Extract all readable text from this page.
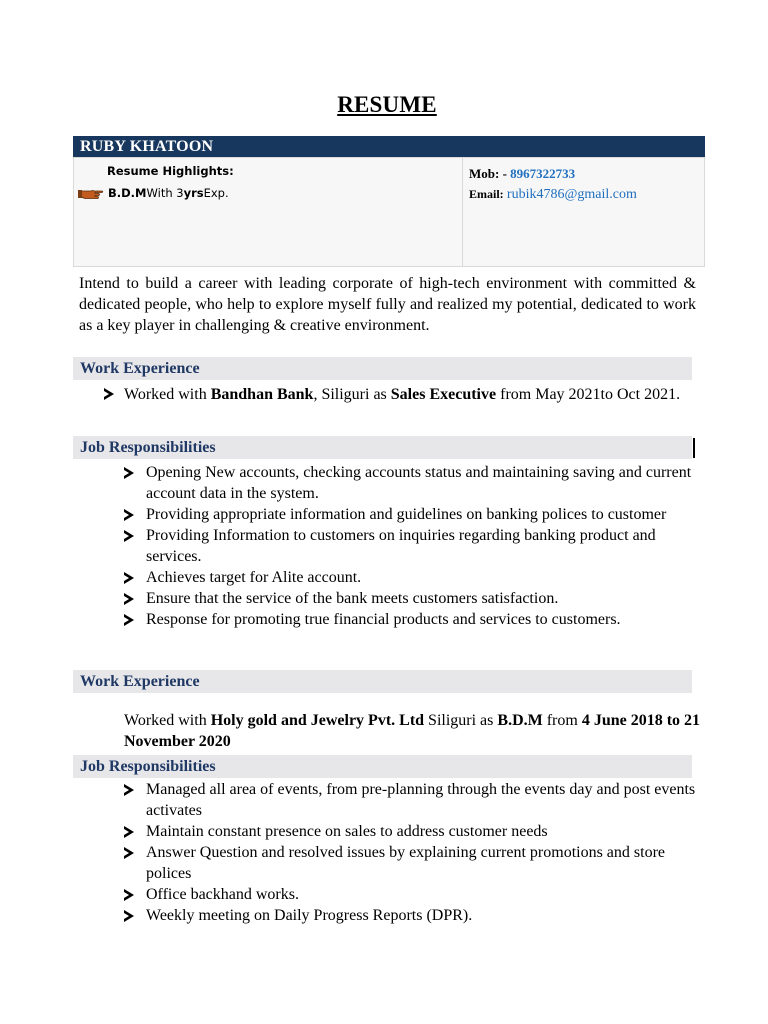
RESUME
RUBY KHATOON
Resume Highlights:
B.D.M With 3 yrs Exp.
Mob: - 8967322733
Email: rubik4786@gmail.com
Intend to build a career with leading corporate of high-tech environment with committed & dedicated people, who help to explore myself fully and realized my potential, dedicated to work as a key player in challenging & creative environment.
Work Experience
Worked with Bandhan Bank, Siliguri as Sales Executive from May 2021to Oct 2021.
Job Responsibilities
Opening New accounts, checking accounts status and maintaining saving and current account data in the system.
Providing appropriate information and guidelines on banking polices to customer
Providing Information to customers on inquiries regarding banking product and services.
Achieves target for Alite account.
Ensure that the service of the bank meets customers satisfaction.
Response for promoting true financial products and services to customers.
Work Experience
Worked with Holy gold and Jewelry Pvt. Ltd Siliguri as B.D.M from 4 June 2018 to 21 November 2020
Job Responsibilities
Managed all area of events, from pre-planning through the events day and post events activates
Maintain constant presence on sales to address customer needs
Answer Question and resolved issues by explaining current promotions and store polices
Office backhand works.
Weekly meeting on Daily Progress Reports (DPR).
